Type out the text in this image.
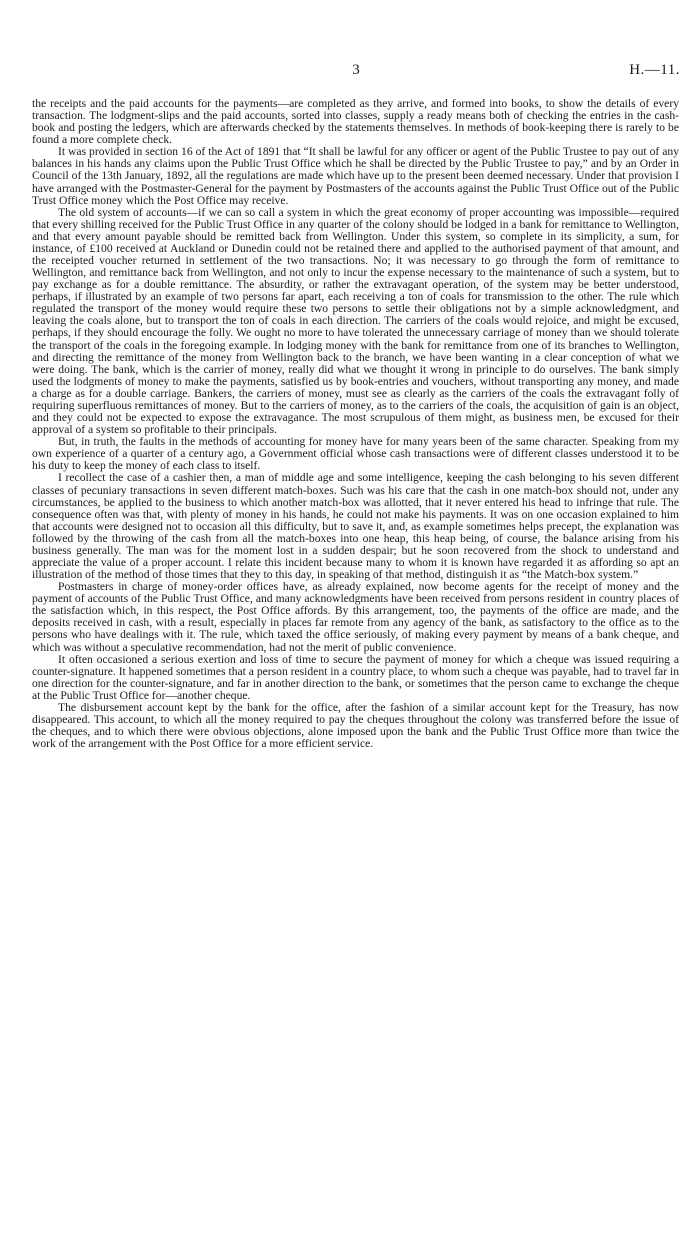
3	H.—11.

the receipts and the paid accounts for the payments—are completed as they arrive, and formed into books, to show the details of every transaction. The lodgment-slips and the paid accounts, sorted into classes, supply a ready means both of checking the entries in the cash-book and posting the ledgers, which are afterwards checked by the statements themselves. In methods of book-keeping there is rarely to be found a more complete check.

It was provided in section 16 of the Act of 1891 that “It shall be lawful for any officer or agent of the Public Trustee to pay out of any balances in his hands any claims upon the Public Trust Office which he shall be directed by the Public Trustee to pay,” and by an Order in Council of the 13th January, 1892, all the regulations are made which have up to the present been deemed necessary. Under that provision I have arranged with the Postmaster-General for the payment by Postmasters of the accounts against the Public Trust Office out of the Public Trust Office money which the Post Office may receive.

The old system of accounts—if we can so call a system in which the great economy of proper accounting was impossible—required that every shilling received for the Public Trust Office in any quarter of the colony should be lodged in a bank for remittance to Wellington, and that every amount payable should be remitted back from Wellington. Under this system, so complete in its simplicity, a sum, for instance, of £100 received at Auckland or Dunedin could not be retained there and applied to the authorised payment of that amount, and the receipted voucher returned in settlement of the two transactions. No; it was necessary to go through the form of remittance to Wellington, and remittance back from Wellington, and not only to incur the expense necessary to the maintenance of such a system, but to pay exchange as for a double remittance. The absurdity, or rather the extravagant operation, of the system may be better understood, perhaps, if illustrated by an example of two persons far apart, each receiving a ton of coals for transmission to the other. The rule which regulated the transport of the money would require these two persons to settle their obligations not by a simple acknowledgment, and leaving the coals alone, but to transport the ton of coals in each direction. The carriers of the coals would rejoice, and might be excused, perhaps, if they should encourage the folly. We ought no more to have tolerated the unnecessary carriage of money than we should tolerate the transport of the coals in the foregoing example. In lodging money with the bank for remittance from one of its branches to Wellington, and directing the remittance of the money from Wellington back to the branch, we have been wanting in a clear conception of what we were doing. The bank, which is the carrier of money, really did what we thought it wrong in principle to do ourselves. The bank simply used the lodgments of money to make the payments, satisfied us by book-entries and vouchers, without transporting any money, and made a charge as for a double carriage. Bankers, the carriers of money, must see as clearly as the carriers of the coals the extravagant folly of requiring superfluous remittances of money. But to the carriers of money, as to the carriers of the coals, the acquisition of gain is an object, and they could not be expected to expose the extravagance. The most scrupulous of them might, as business men, be excused for their approval of a system so profitable to their principals.

But, in truth, the faults in the methods of accounting for money have for many years been of the same character. Speaking from my own experience of a quarter of a century ago, a Government official whose cash transactions were of different classes understood it to be his duty to keep the money of each class to itself.

I recollect the case of a cashier then, a man of middle age and some intelligence, keeping the cash belonging to his seven different classes of pecuniary transactions in seven different match-boxes. Such was his care that the cash in one match-box should not, under any circumstances, be applied to the business to which another match-box was allotted, that it never entered his head to infringe that rule. The consequence often was that, with plenty of money in his hands, he could not make his payments. It was on one occasion explained to him that accounts were designed not to occasion all this difficulty, but to save it, and, as example sometimes helps precept, the explanation was followed by the throwing of the cash from all the match-boxes into one heap, this heap being, of course, the balance arising from his business generally. The man was for the moment lost in a sudden despair; but he soon recovered from the shock to understand and appreciate the value of a proper account. I relate this incident because many to whom it is known have regarded it as affording so apt an illustration of the method of those times that they to this day, in speaking of that method, distinguish it as “the Match-box system.”

Postmasters in charge of money-order offices have, as already explained, now become agents for the receipt of money and the payment of accounts of the Public Trust Office, and many acknowledgments have been received from persons resident in country places of the satisfaction which, in this respect, the Post Office affords. By this arrangement, too, the payments of the office are made, and the deposits received in cash, with a result, especially in places far remote from any agency of the bank, as satisfactory to the office as to the persons who have dealings with it. The rule, which taxed the office seriously, of making every payment by means of a bank cheque, and which was without a speculative recommendation, had not the merit of public convenience.

It often occasioned a serious exertion and loss of time to secure the payment of money for which a cheque was issued requiring a counter-signature. It happened sometimes that a person resident in a country place, to whom such a cheque was payable, had to travel far in one direction for the counter-signature, and far in another direction to the bank, or sometimes that the person came to exchange the cheque at the Public Trust Office for—another cheque.

The disbursement account kept by the bank for the office, after the fashion of a similar account kept for the Treasury, has now disappeared. This account, to which all the money required to pay the cheques throughout the colony was transferred before the issue of the cheques, and to which there were obvious objections, alone imposed upon the bank and the Public Trust Office more than twice the work of the arrangement with the Post Office for a more efficient service.
